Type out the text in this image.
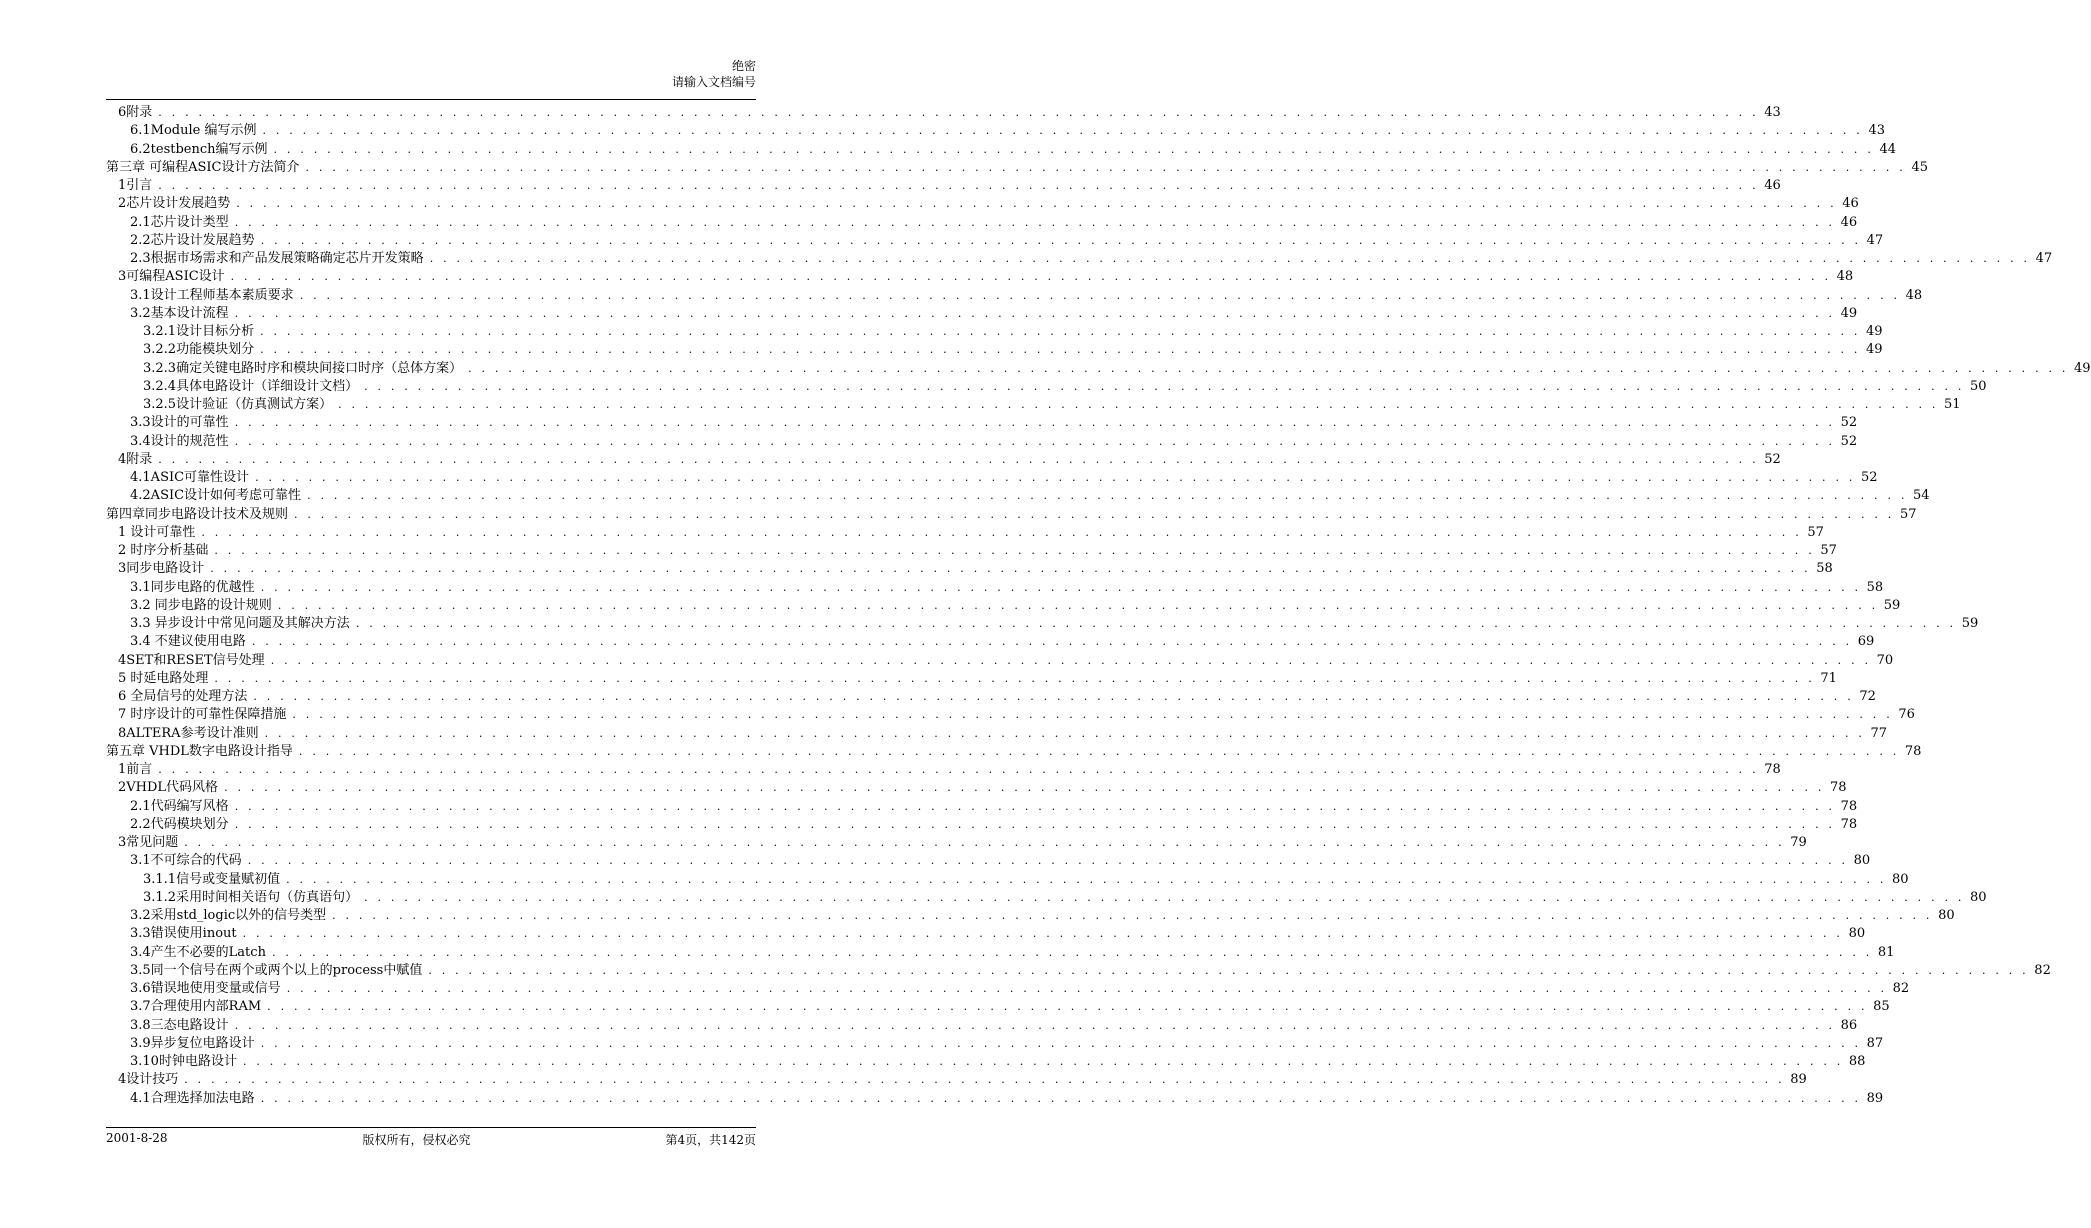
绝密
请输入文档编号
6附录 . . . . . . . . . . . . . . . . . . . . . . . . . . . . . . . . . . . . . . . . . . . . . . . . . . . . . . . . . . . . . . . . . . . . . . . . . . . . . . . . . . . . . . . . . . . . . . . . . . . . . . . . . . . . . . . . . . . . . . . . 43
6.1Module 编写示例 . . . . . . . . . . . . . . . . . . . . . . . . . . . . . . . . . . . . . . . . . . . . . . . . . . . . . . . . . . . . . . . . . . . . . . . . . . . . . . . . . . . . . . . . . . . . . . . . . . . . . . . . . . . . . . . . . . . . . . . . 43
6.2testbench编写示例 . . . . . . . . . . . . . . . . . . . . . . . . . . . . . . . . . . . . . . . . . . . . . . . . . . . . . . . . . . . . . . . . . . . . . . . . . . . . . . . . . . . . . . . . . . . . . . . . . . . . . . . . . . . . . . . . . . . . . . . . 44
第三章 可编程ASIC设计方法简介 . . . . . . . . . . . . . . . . . . . . . . . . . . . . . . . . . . . . . . . . . . . . . . . . . . . . . . . . . . . . . . . . . . . . . . . . . . . . . . . . . . . . . . . . . . . . . . . . . . . . . . . . . . . . . . . . . . . . . . . . 45
1引言 . . . . . . . . . . . . . . . . . . . . . . . . . . . . . . . . . . . . . . . . . . . . . . . . . . . . . . . . . . . . . . . . . . . . . . . . . . . . . . . . . . . . . . . . . . . . . . . . . . . . . . . . . . . . . . . . . . . . . . . . 46
2芯片设计发展趋势 . . . . . . . . . . . . . . . . . . . . . . . . . . . . . . . . . . . . . . . . . . . . . . . . . . . . . . . . . . . . . . . . . . . . . . . . . . . . . . . . . . . . . . . . . . . . . . . . . . . . . . . . . . . . . . . . . . . . . . . . 46
2.1芯片设计类型 . . . . . . . . . . . . . . . . . . . . . . . . . . . . . . . . . . . . . . . . . . . . . . . . . . . . . . . . . . . . . . . . . . . . . . . . . . . . . . . . . . . . . . . . . . . . . . . . . . . . . . . . . . . . . . . . . . . . . . . . 46
2.2芯片设计发展趋势 . . . . . . . . . . . . . . . . . . . . . . . . . . . . . . . . . . . . . . . . . . . . . . . . . . . . . . . . . . . . . . . . . . . . . . . . . . . . . . . . . . . . . . . . . . . . . . . . . . . . . . . . . . . . . . . . . . . . . . . . 47
2.3根据市场需求和产品发展策略确定芯片开发策略 . . . . . . . . . . . . . . . . . . . . . . . . . . . . . . . . . . . . . . . . . . . . . . . . . . . . . . . . . . . . . . . . . . . . . . . . . . . . . . . . . . . . . . . . . . . . . . . . . . . . . . . . . . . . . . . . . . . . . . . . 47
3可编程ASIC设计 . . . . . . . . . . . . . . . . . . . . . . . . . . . . . . . . . . . . . . . . . . . . . . . . . . . . . . . . . . . . . . . . . . . . . . . . . . . . . . . . . . . . . . . . . . . . . . . . . . . . . . . . . . . . . . . . . . . . . . . . 48
3.1设计工程师基本素质要求 . . . . . . . . . . . . . . . . . . . . . . . . . . . . . . . . . . . . . . . . . . . . . . . . . . . . . . . . . . . . . . . . . . . . . . . . . . . . . . . . . . . . . . . . . . . . . . . . . . . . . . . . . . . . . . . . . . . . . . . . 48
3.2基本设计流程 . . . . . . . . . . . . . . . . . . . . . . . . . . . . . . . . . . . . . . . . . . . . . . . . . . . . . . . . . . . . . . . . . . . . . . . . . . . . . . . . . . . . . . . . . . . . . . . . . . . . . . . . . . . . . . . . . . . . . . . . 49
3.2.1设计目标分析 . . . . . . . . . . . . . . . . . . . . . . . . . . . . . . . . . . . . . . . . . . . . . . . . . . . . . . . . . . . . . . . . . . . . . . . . . . . . . . . . . . . . . . . . . . . . . . . . . . . . . . . . . . . . . . . . . . . . . . . . 49
3.2.2功能模块划分 . . . . . . . . . . . . . . . . . . . . . . . . . . . . . . . . . . . . . . . . . . . . . . . . . . . . . . . . . . . . . . . . . . . . . . . . . . . . . . . . . . . . . . . . . . . . . . . . . . . . . . . . . . . . . . . . . . . . . . . . 49
3.2.3确定关键电路时序和模块间接口时序（总体方案） . . . . . . . . . . . . . . . . . . . . . . . . . . . . . . . . . . . . . . . . . . . . . . . . . . . . . . . . . . . . . . . . . . . . . . . . . . . . . . . . . . . . . . . . . . . . . . . . . . . . . . . . . . . . . . . . . . . . . . . . 49
3.2.4具体电路设计（详细设计文档） . . . . . . . . . . . . . . . . . . . . . . . . . . . . . . . . . . . . . . . . . . . . . . . . . . . . . . . . . . . . . . . . . . . . . . . . . . . . . . . . . . . . . . . . . . . . . . . . . . . . . . . . . . . . . . . . . . . . . . . . 50
3.2.5设计验证（仿真测试方案） . . . . . . . . . . . . . . . . . . . . . . . . . . . . . . . . . . . . . . . . . . . . . . . . . . . . . . . . . . . . . . . . . . . . . . . . . . . . . . . . . . . . . . . . . . . . . . . . . . . . . . . . . . . . . . . . . . . . . . . . 51
3.3设计的可靠性 . . . . . . . . . . . . . . . . . . . . . . . . . . . . . . . . . . . . . . . . . . . . . . . . . . . . . . . . . . . . . . . . . . . . . . . . . . . . . . . . . . . . . . . . . . . . . . . . . . . . . . . . . . . . . . . . . . . . . . . . 52
3.4设计的规范性 . . . . . . . . . . . . . . . . . . . . . . . . . . . . . . . . . . . . . . . . . . . . . . . . . . . . . . . . . . . . . . . . . . . . . . . . . . . . . . . . . . . . . . . . . . . . . . . . . . . . . . . . . . . . . . . . . . . . . . . . 52
4附录 . . . . . . . . . . . . . . . . . . . . . . . . . . . . . . . . . . . . . . . . . . . . . . . . . . . . . . . . . . . . . . . . . . . . . . . . . . . . . . . . . . . . . . . . . . . . . . . . . . . . . . . . . . . . . . . . . . . . . . . . 52
4.1ASIC可靠性设计 . . . . . . . . . . . . . . . . . . . . . . . . . . . . . . . . . . . . . . . . . . . . . . . . . . . . . . . . . . . . . . . . . . . . . . . . . . . . . . . . . . . . . . . . . . . . . . . . . . . . . . . . . . . . . . . . . . . . . . . . 52
4.2ASIC设计如何考虑可靠性 . . . . . . . . . . . . . . . . . . . . . . . . . . . . . . . . . . . . . . . . . . . . . . . . . . . . . . . . . . . . . . . . . . . . . . . . . . . . . . . . . . . . . . . . . . . . . . . . . . . . . . . . . . . . . . . . . . . . . . . . 54
第四章同步电路设计技术及规则 . . . . . . . . . . . . . . . . . . . . . . . . . . . . . . . . . . . . . . . . . . . . . . . . . . . . . . . . . . . . . . . . . . . . . . . . . . . . . . . . . . . . . . . . . . . . . . . . . . . . . . . . . . . . . . . . . . . . . . . . 57
1 设计可靠性 . . . . . . . . . . . . . . . . . . . . . . . . . . . . . . . . . . . . . . . . . . . . . . . . . . . . . . . . . . . . . . . . . . . . . . . . . . . . . . . . . . . . . . . . . . . . . . . . . . . . . . . . . . . . . . . . . . . . . . . . 57
2 时序分析基础 . . . . . . . . . . . . . . . . . . . . . . . . . . . . . . . . . . . . . . . . . . . . . . . . . . . . . . . . . . . . . . . . . . . . . . . . . . . . . . . . . . . . . . . . . . . . . . . . . . . . . . . . . . . . . . . . . . . . . . . . 57
3同步电路设计 . . . . . . . . . . . . . . . . . . . . . . . . . . . . . . . . . . . . . . . . . . . . . . . . . . . . . . . . . . . . . . . . . . . . . . . . . . . . . . . . . . . . . . . . . . . . . . . . . . . . . . . . . . . . . . . . . . . . . . . . 58
3.1同步电路的优越性 . . . . . . . . . . . . . . . . . . . . . . . . . . . . . . . . . . . . . . . . . . . . . . . . . . . . . . . . . . . . . . . . . . . . . . . . . . . . . . . . . . . . . . . . . . . . . . . . . . . . . . . . . . . . . . . . . . . . . . . . 58
3.2 同步电路的设计规则 . . . . . . . . . . . . . . . . . . . . . . . . . . . . . . . . . . . . . . . . . . . . . . . . . . . . . . . . . . . . . . . . . . . . . . . . . . . . . . . . . . . . . . . . . . . . . . . . . . . . . . . . . . . . . . . . . . . . . . . . 59
3.3 异步设计中常见问题及其解决方法 . . . . . . . . . . . . . . . . . . . . . . . . . . . . . . . . . . . . . . . . . . . . . . . . . . . . . . . . . . . . . . . . . . . . . . . . . . . . . . . . . . . . . . . . . . . . . . . . . . . . . . . . . . . . . . . . . . . . . . . . 59
3.4 不建议使用电路 . . . . . . . . . . . . . . . . . . . . . . . . . . . . . . . . . . . . . . . . . . . . . . . . . . . . . . . . . . . . . . . . . . . . . . . . . . . . . . . . . . . . . . . . . . . . . . . . . . . . . . . . . . . . . . . . . . . . . . . . 69
4SET和RESET信号处理 . . . . . . . . . . . . . . . . . . . . . . . . . . . . . . . . . . . . . . . . . . . . . . . . . . . . . . . . . . . . . . . . . . . . . . . . . . . . . . . . . . . . . . . . . . . . . . . . . . . . . . . . . . . . . . . . . . . . . . . . 70
5 时延电路处理 . . . . . . . . . . . . . . . . . . . . . . . . . . . . . . . . . . . . . . . . . . . . . . . . . . . . . . . . . . . . . . . . . . . . . . . . . . . . . . . . . . . . . . . . . . . . . . . . . . . . . . . . . . . . . . . . . . . . . . . . 71
6 全局信号的处理方法 . . . . . . . . . . . . . . . . . . . . . . . . . . . . . . . . . . . . . . . . . . . . . . . . . . . . . . . . . . . . . . . . . . . . . . . . . . . . . . . . . . . . . . . . . . . . . . . . . . . . . . . . . . . . . . . . . . . . . . . . 72
7 时序设计的可靠性保障措施 . . . . . . . . . . . . . . . . . . . . . . . . . . . . . . . . . . . . . . . . . . . . . . . . . . . . . . . . . . . . . . . . . . . . . . . . . . . . . . . . . . . . . . . . . . . . . . . . . . . . . . . . . . . . . . . . . . . . . . . . 76
8ALTERA参考设计准则 . . . . . . . . . . . . . . . . . . . . . . . . . . . . . . . . . . . . . . . . . . . . . . . . . . . . . . . . . . . . . . . . . . . . . . . . . . . . . . . . . . . . . . . . . . . . . . . . . . . . . . . . . . . . . . . . . . . . . . . . 77
第五章 VHDL数字电路设计指导 . . . . . . . . . . . . . . . . . . . . . . . . . . . . . . . . . . . . . . . . . . . . . . . . . . . . . . . . . . . . . . . . . . . . . . . . . . . . . . . . . . . . . . . . . . . . . . . . . . . . . . . . . . . . . . . . . . . . . . . . 78
1前言 . . . . . . . . . . . . . . . . . . . . . . . . . . . . . . . . . . . . . . . . . . . . . . . . . . . . . . . . . . . . . . . . . . . . . . . . . . . . . . . . . . . . . . . . . . . . . . . . . . . . . . . . . . . . . . . . . . . . . . . . 78
2VHDL代码风格 . . . . . . . . . . . . . . . . . . . . . . . . . . . . . . . . . . . . . . . . . . . . . . . . . . . . . . . . . . . . . . . . . . . . . . . . . . . . . . . . . . . . . . . . . . . . . . . . . . . . . . . . . . . . . . . . . . . . . . . . 78
2.1代码编写风格 . . . . . . . . . . . . . . . . . . . . . . . . . . . . . . . . . . . . . . . . . . . . . . . . . . . . . . . . . . . . . . . . . . . . . . . . . . . . . . . . . . . . . . . . . . . . . . . . . . . . . . . . . . . . . . . . . . . . . . . . 78
2.2代码模块划分 . . . . . . . . . . . . . . . . . . . . . . . . . . . . . . . . . . . . . . . . . . . . . . . . . . . . . . . . . . . . . . . . . . . . . . . . . . . . . . . . . . . . . . . . . . . . . . . . . . . . . . . . . . . . . . . . . . . . . . . . 78
3常见问题 . . . . . . . . . . . . . . . . . . . . . . . . . . . . . . . . . . . . . . . . . . . . . . . . . . . . . . . . . . . . . . . . . . . . . . . . . . . . . . . . . . . . . . . . . . . . . . . . . . . . . . . . . . . . . . . . . . . . . . . . 79
3.1不可综合的代码 . . . . . . . . . . . . . . . . . . . . . . . . . . . . . . . . . . . . . . . . . . . . . . . . . . . . . . . . . . . . . . . . . . . . . . . . . . . . . . . . . . . . . . . . . . . . . . . . . . . . . . . . . . . . . . . . . . . . . . . . 80
3.1.1信号或变量赋初值 . . . . . . . . . . . . . . . . . . . . . . . . . . . . . . . . . . . . . . . . . . . . . . . . . . . . . . . . . . . . . . . . . . . . . . . . . . . . . . . . . . . . . . . . . . . . . . . . . . . . . . . . . . . . . . . . . . . . . . . . 80
3.1.2采用时间相关语句（仿真语句） . . . . . . . . . . . . . . . . . . . . . . . . . . . . . . . . . . . . . . . . . . . . . . . . . . . . . . . . . . . . . . . . . . . . . . . . . . . . . . . . . . . . . . . . . . . . . . . . . . . . . . . . . . . . . . . . . . . . . . . . 80
3.2采用std_logic以外的信号类型 . . . . . . . . . . . . . . . . . . . . . . . . . . . . . . . . . . . . . . . . . . . . . . . . . . . . . . . . . . . . . . . . . . . . . . . . . . . . . . . . . . . . . . . . . . . . . . . . . . . . . . . . . . . . . . . . . . . . . . . . 80
3.3错误使用inout . . . . . . . . . . . . . . . . . . . . . . . . . . . . . . . . . . . . . . . . . . . . . . . . . . . . . . . . . . . . . . . . . . . . . . . . . . . . . . . . . . . . . . . . . . . . . . . . . . . . . . . . . . . . . . . . . . . . . . . . 80
3.4产生不必要的Latch . . . . . . . . . . . . . . . . . . . . . . . . . . . . . . . . . . . . . . . . . . . . . . . . . . . . . . . . . . . . . . . . . . . . . . . . . . . . . . . . . . . . . . . . . . . . . . . . . . . . . . . . . . . . . . . . . . . . . . . . 81
3.5同一个信号在两个或两个以上的process中赋值 . . . . . . . . . . . . . . . . . . . . . . . . . . . . . . . . . . . . . . . . . . . . . . . . . . . . . . . . . . . . . . . . . . . . . . . . . . . . . . . . . . . . . . . . . . . . . . . . . . . . . . . . . . . . . . . . . . . . . . . . 82
3.6错误地使用变量或信号 . . . . . . . . . . . . . . . . . . . . . . . . . . . . . . . . . . . . . . . . . . . . . . . . . . . . . . . . . . . . . . . . . . . . . . . . . . . . . . . . . . . . . . . . . . . . . . . . . . . . . . . . . . . . . . . . . . . . . . . . 82
3.7合理使用内部RAM . . . . . . . . . . . . . . . . . . . . . . . . . . . . . . . . . . . . . . . . . . . . . . . . . . . . . . . . . . . . . . . . . . . . . . . . . . . . . . . . . . . . . . . . . . . . . . . . . . . . . . . . . . . . . . . . . . . . . . . . 85
3.8三态电路设计 . . . . . . . . . . . . . . . . . . . . . . . . . . . . . . . . . . . . . . . . . . . . . . . . . . . . . . . . . . . . . . . . . . . . . . . . . . . . . . . . . . . . . . . . . . . . . . . . . . . . . . . . . . . . . . . . . . . . . . . . 86
3.9异步复位电路设计 . . . . . . . . . . . . . . . . . . . . . . . . . . . . . . . . . . . . . . . . . . . . . . . . . . . . . . . . . . . . . . . . . . . . . . . . . . . . . . . . . . . . . . . . . . . . . . . . . . . . . . . . . . . . . . . . . . . . . . . . 87
3.10时钟电路设计 . . . . . . . . . . . . . . . . . . . . . . . . . . . . . . . . . . . . . . . . . . . . . . . . . . . . . . . . . . . . . . . . . . . . . . . . . . . . . . . . . . . . . . . . . . . . . . . . . . . . . . . . . . . . . . . . . . . . . . . . 88
4设计技巧 . . . . . . . . . . . . . . . . . . . . . . . . . . . . . . . . . . . . . . . . . . . . . . . . . . . . . . . . . . . . . . . . . . . . . . . . . . . . . . . . . . . . . . . . . . . . . . . . . . . . . . . . . . . . . . . . . . . . . . . . 89
4.1合理选择加法电路 . . . . . . . . . . . . . . . . . . . . . . . . . . . . . . . . . . . . . . . . . . . . . . . . . . . . . . . . . . . . . . . . . . . . . . . . . . . . . . . . . . . . . . . . . . . . . . . . . . . . . . . . . . . . . . . . . . . . . . . . 89
2001-8-28	版权所有，侵权必究	第4页，共142页
